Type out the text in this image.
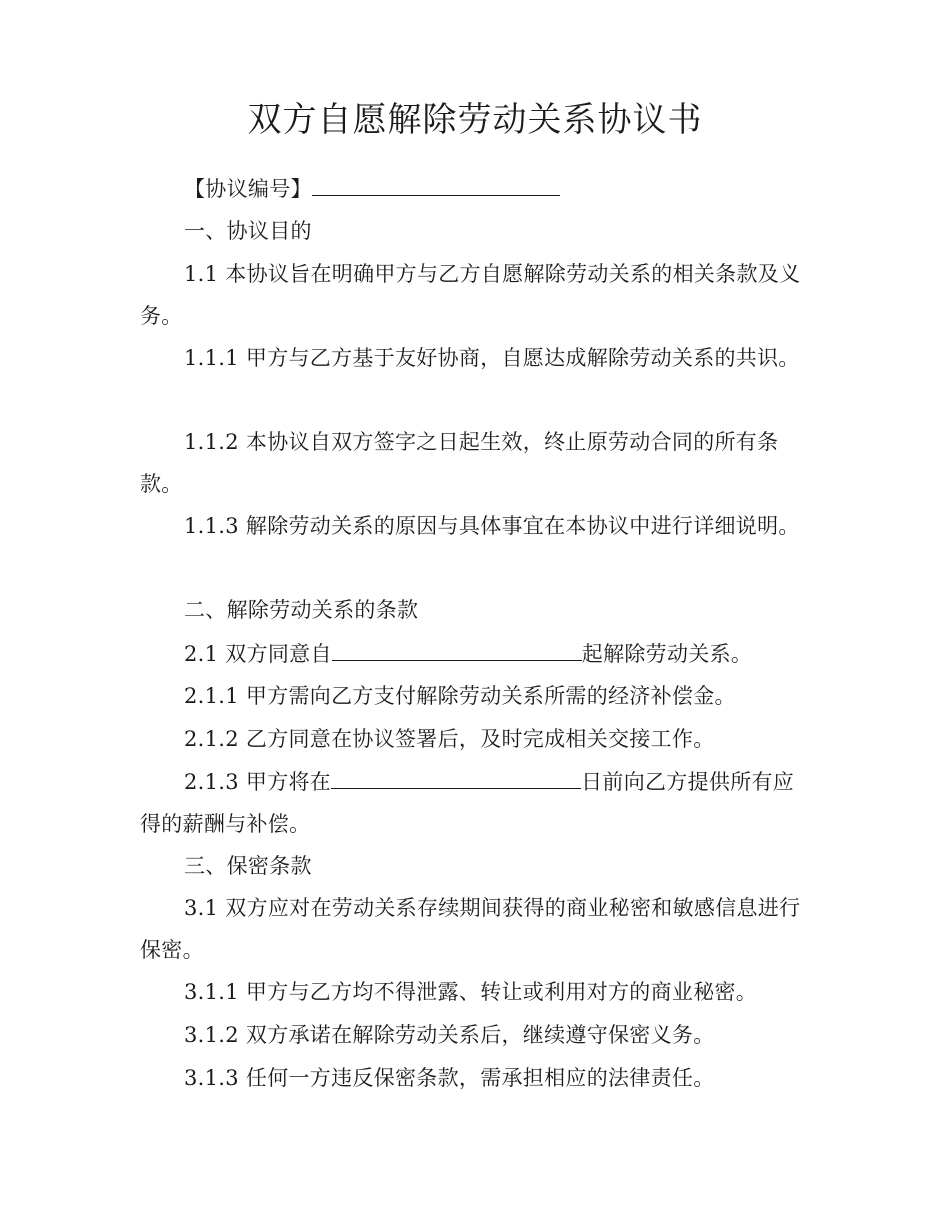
双方自愿解除劳动关系协议书

【协议编号】

一、协议目的

1.1 本协议旨在明确甲方与乙方自愿解除劳动关系的相关条款及义务。

1.1.1 甲方与乙方基于友好协商，自愿达成解除劳动关系的共识。

1.1.2 本协议自双方签字之日起生效，终止原劳动合同的所有条款。

1.1.3 解除劳动关系的原因与具体事宜在本协议中进行详细说明。

二、解除劳动关系的条款

2.1 双方同意自	起解除劳动关系。

2.1.1 甲方需向乙方支付解除劳动关系所需的经济补偿金。

2.1.2 乙方同意在协议签署后，及时完成相关交接工作。

2.1.3 甲方将在	日前向乙方提供所有应得的薪酬与补偿。

三、保密条款

3.1 双方应对在劳动关系存续期间获得的商业秘密和敏感信息进行保密。

3.1.1 甲方与乙方均不得泄露、转让或利用对方的商业秘密。

3.1.2 双方承诺在解除劳动关系后，继续遵守保密义务。

3.1.3 任何一方违反保密条款，需承担相应的法律责任。
